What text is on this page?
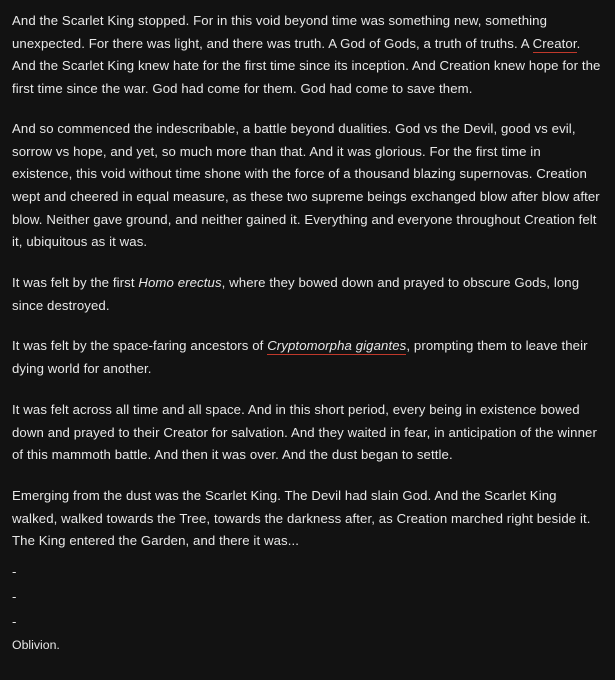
And the Scarlet King stopped. For in this void beyond time was something new, something unexpected. For there was light, and there was truth. A God of Gods, a truth of truths. A Creator. And the Scarlet King knew hate for the first time since its inception. And Creation knew hope for the first time since the war. God had come for them. God had come to save them.

And so commenced the indescribable, a battle beyond dualities. God vs the Devil, good vs evil, sorrow vs hope, and yet, so much more than that. And it was glorious. For the first time in existence, this void without time shone with the force of a thousand blazing supernovas. Creation wept and cheered in equal measure, as these two supreme beings exchanged blow after blow after blow. Neither gave ground, and neither gained it. Everything and everyone throughout Creation felt it, ubiquitous as it was.

It was felt by the first Homo erectus, where they bowed down and prayed to obscure Gods, long since destroyed.

It was felt by the space-faring ancestors of Cryptomorpha gigantes, prompting them to leave their dying world for another.

It was felt across all time and all space. And in this short period, every being in existence bowed down and prayed to their Creator for salvation. And they waited in fear, in anticipation of the winner of this mammoth battle. And then it was over. And the dust began to settle.

Emerging from the dust was the Scarlet King. The Devil had slain God. And the Scarlet King walked, walked towards the Tree, towards the darkness after, as Creation marched right beside it. The King entered the Garden, and there it was...

-
-
-
Oblivion.
